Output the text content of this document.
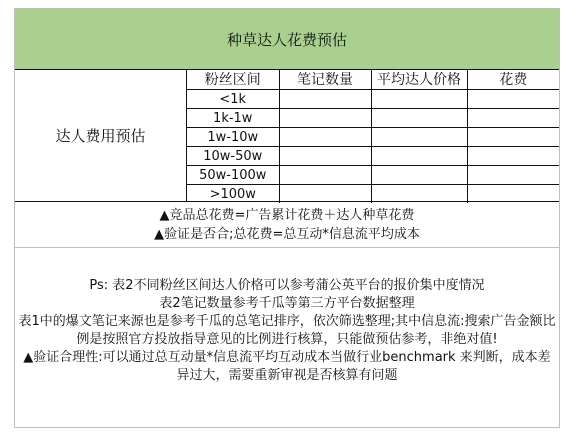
种草达人花费预估
达人费用预估
粉丝区间	笔记数量	平均达人价格	花费
<1k			
1k-1w			
1w-10w			
10w-50w			
50w-100w			
>100w			
▲竞品总花费=广告累计花费＋达人种草花费
▲验证是否合;总花费=总互动*信息流平均成本
Ps: 表2不同粉丝区间达人价格可以参考蒲公英平台的报价集中度情况
表2笔记数量参考千瓜等第三方平台数据整理
表1中的爆文笔记来源也是参考千瓜的总笔记排序，依次筛选整理;其中信息流:搜索广告金额比例是按照官方投放指导意见的比例进行核算，只能做预估参考，非绝对值!
▲验证合理性:可以通过总互动量*信息流平均互动成本当做行业benchmark 来判断，成本差异过大，需要重新审视是否核算有问题
